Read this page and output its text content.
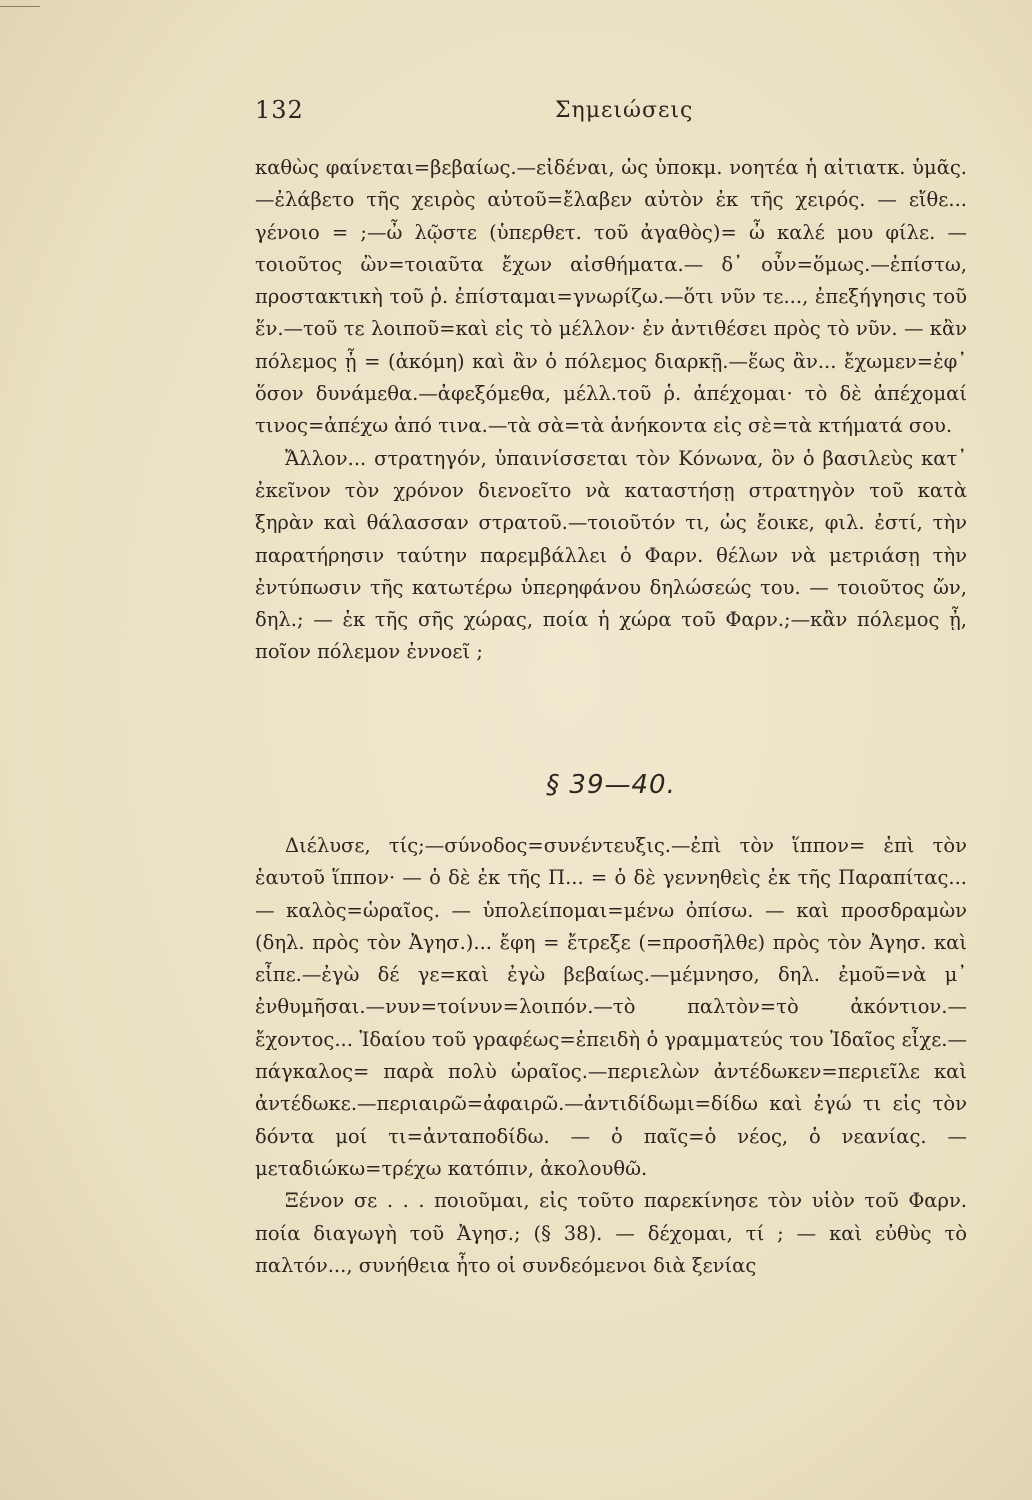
132	Σημειώσεις

καθὼς φαίνεται=βεβαίως.—εἰδέναι, ὡς ὑποκμ. νοητέα ἡ αἰτιατκ. ὑμᾶς.—ἐλάβετο τῆς χειρὸς αὐτοῦ=ἔλαβεν αὐτὸν ἐκ τῆς χειρός. — εἴθε... γένοιο = ;—ὦ λῷστε (ὑπερθετ. τοῦ ἀγαθὸς)= ὦ καλέ μου φίλε. — τοιοῦτος ὢν=τοιαῦτα ἔχων αἰσθήματα.— δ᾽ οὖν=ὅμως.—ἐπίστω, προστακτικὴ τοῦ ῥ. ἐπίσταμαι=γνωρίζω.—ὅτι νῦν τε..., ἐπεξήγησις τοῦ ἕν.—τοῦ τε λοιποῦ=καὶ εἰς τὸ μέλλον· ἐν ἀντιθέσει πρὸς τὸ νῦν. — κἂν πόλεμος ᾖ = (ἀκόμη) καὶ ἂν ὁ πόλεμος διαρκῇ.—ἕως ἂν... ἔχωμεν=ἐφ᾽ ὅσον δυνάμεθα.—ἀφεξόμεθα, μέλλ.τοῦ ῥ. ἀπέχομαι· τὸ δὲ ἀπέχομαί τινος=ἀπέχω ἀπό τινα.—τὰ σὰ=τὰ ἀνήκοντα εἰς σὲ=τὰ κτήματά σου.

Ἄλλον... στρατηγόν, ὑπαινίσσεται τὸν Κόνωνα, ὃν ὁ βασιλεὺς κατ᾽ ἐκεῖνον τὸν χρόνον διενοεῖτο νὰ καταστήσῃ στρατηγὸν τοῦ κατὰ ξηρὰν καὶ θάλασσαν στρατοῦ.—τοιοῦτόν τι, ὡς ἔοικε, φιλ. ἐστί, τὴν παρατήρησιν ταύτην παρεμβάλλει ὁ Φαρν. θέλων νὰ μετριάσῃ τὴν ἐντύπωσιν τῆς κατωτέρω ὑπερηφάνου δηλώσεώς του. — τοιοῦτος ὤν, δηλ.; — ἐκ τῆς σῆς χώρας, ποία ἡ χώρα τοῦ Φαρν.;—κἂν πόλεμος ᾖ, ποῖον πόλεμον ἐννοεῖ ;

§ 39—40.

Διέλυσε, τίς;—σύνοδος=συνέντευξις.—ἐπὶ τὸν ἵππον= ἐπὶ τὸν ἑαυτοῦ ἵππον· — ὁ δὲ ἐκ τῆς Π... = ὁ δὲ γεννηθεὶς ἐκ τῆς Παραπίτας... — καλὸς=ὡραῖος. — ὑπολείπομαι=μένω ὀπίσω. — καὶ προσδραμὼν (δηλ. πρὸς τὸν Ἀγησ.)... ἔφη = ἔτρεξε (=προσῆλθε) πρὸς τὸν Ἀγησ. καὶ εἶπε.—ἐγὼ δέ γε=καὶ ἐγὼ βεβαίως.—μέμνησο, δηλ. ἐμοῦ=νὰ μ᾽ ἐνθυμῆσαι.—νυν=τοίνυν=λοιπόν.—τὸ παλτὸν=τὸ ἀκόντιον.—ἔχοντος... Ἰδαίου τοῦ γραφέως=ἐπειδὴ ὁ γραμματεύς του Ἰδαῖος εἶχε.—πάγκαλος= παρὰ πολὺ ὡραῖος.—περιελὼν ἀντέδωκεν=περιεῖλε καὶ ἀντέδωκε.—περιαιρῶ=ἀφαιρῶ.—ἀντιδίδωμι=δίδω καὶ ἐγώ τι εἰς τὸν δόντα μοί τι=ἀνταποδίδω. — ὁ παῖς=ὁ νέος, ὁ νεανίας. — μεταδιώκω=τρέχω κατόπιν, ἀκολουθῶ.

Ξένον σε . . . ποιοῦμαι, εἰς τοῦτο παρεκίνησε τὸν υἱὸν τοῦ Φαρν. ποία διαγωγὴ τοῦ Ἀγησ.; (§ 38). — δέχομαι, τί ; — καὶ εὐθὺς τὸ παλτόν..., συνήθεια ἦτο οἱ συνδεόμενοι διὰ ξενίας
